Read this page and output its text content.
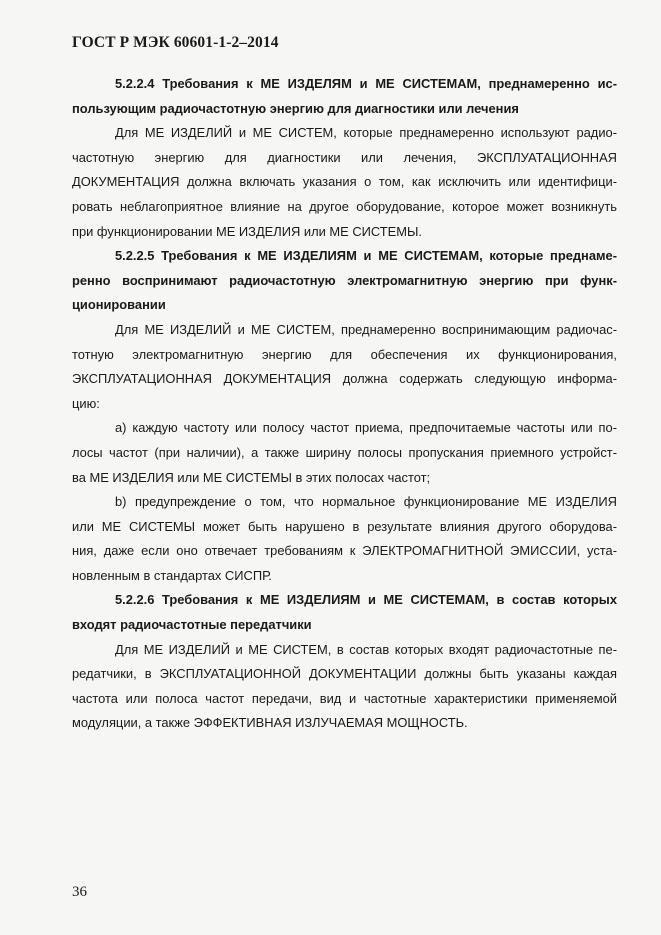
ГОСТ Р МЭК 60601-1-2–2014

5.2.2.4 Требования к МЕ ИЗДЕЛЯМ и МЕ СИСТЕМАМ, преднамеренно ис-

пользующим радиочастотную энергию для диагностики или лечения

Для МЕ ИЗДЕЛИЙ и МЕ СИСТЕМ, которые преднамеренно используют радио-

частотную энергию для диагностики или лечения, ЭКСПЛУАТАЦИОННАЯ

ДОКУМЕНТАЦИЯ должна включать указания о том, как исключить или идентифици-

ровать неблагоприятное влияние на другое оборудование, которое может возникнуть

при функционировании МЕ ИЗДЕЛИЯ или МЕ СИСТЕМЫ.

5.2.2.5 Требования к МЕ ИЗДЕЛИЯМ и МЕ СИСТЕМАМ, которые преднаме-

ренно воспринимают радиочастотную электромагнитную энергию при функ-

ционировании

Для МЕ ИЗДЕЛИЙ и МЕ СИСТЕМ, преднамеренно воспринимающим радиочас-

тотную электромагнитную энергию для обеспечения их функционирования,

ЭКСПЛУАТАЦИОННАЯ ДОКУМЕНТАЦИЯ должна содержать следующую информа-

цию:

a) каждую частоту или полосу частот приема, предпочитаемые частоты или по-

лосы частот (при наличии), а также ширину полосы пропускания приемного устройст-

ва МЕ ИЗДЕЛИЯ или МЕ СИСТЕМЫ в этих полосах частот;

b) предупреждение о том, что нормальное функционирование МЕ ИЗДЕЛИЯ

или МЕ СИСТЕМЫ может быть нарушено в результате влияния другого оборудова-

ния, даже если оно отвечает требованиям к ЭЛЕКТРОМАГНИТНОЙ ЭМИССИИ, уста-

новленным в стандартах СИСПР.

5.2.2.6 Требования к МЕ ИЗДЕЛИЯМ и МЕ СИСТЕМАМ, в состав которых

входят радиочастотные передатчики

Для МЕ ИЗДЕЛИЙ и МЕ СИСТЕМ, в состав которых входят радиочастотные пе-

редатчики, в ЭКСПЛУАТАЦИОННОЙ ДОКУМЕНТАЦИИ должны быть указаны каждая

частота или полоса частот передачи, вид и частотные характеристики применяемой

модуляции, а также ЭФФЕКТИВНАЯ ИЗЛУЧАЕМАЯ МОЩНОСТЬ.

36
